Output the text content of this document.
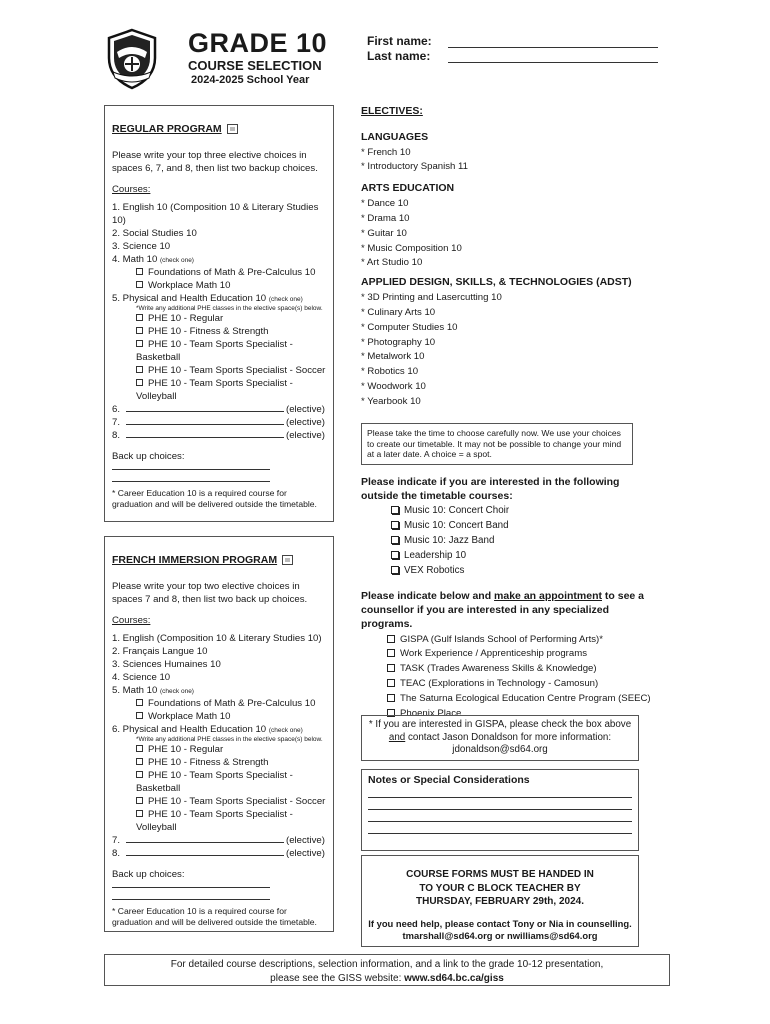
GRADE 10
COURSE SELECTION
2024-2025 School Year
First name:
Last name:
REGULAR PROGRAM
Please write your top three elective choices in spaces 6, 7, and 8, then list two backup choices.
Courses:
1. English 10 (Composition 10 & Literary Studies 10)
2. Social Studies 10
3. Science 10
4. Math 10 (check one)
Foundations of Math & Pre-Calculus 10
Workplace Math 10
5. Physical and Health Education 10 (check one)
*Write any additional PHE classes in the elective space(s) below.
PHE 10 - Regular
PHE 10 - Fitness & Strength
PHE 10 - Team Sports Specialist - Basketball
PHE 10 - Team Sports Specialist - Soccer
PHE 10 - Team Sports Specialist - Volleyball
6.	(elective)
7.	(elective)
8.	(elective)
Back up choices:
* Career Education 10 is a required course for graduation and will be delivered outside the timetable.
FRENCH IMMERSION PROGRAM
Please write your top two elective choices in spaces 7 and 8, then list two back up choices.
Courses:
1. English (Composition 10 & Literary Studies 10)
2. Français Langue 10
3. Sciences Humaines 10
4. Science 10
5. Math 10 (check one)
Foundations of Math & Pre-Calculus 10
Workplace Math 10
6. Physical and Health Education 10 (check one)
*Write any additional PHE classes in the elective space(s) below.
PHE 10 - Regular
PHE 10 - Fitness & Strength
PHE 10 - Team Sports Specialist - Basketball
PHE 10 - Team Sports Specialist - Soccer
PHE 10 - Team Sports Specialist - Volleyball
7.	(elective)
8.	(elective)
Back up choices:
* Career Education 10 is a required course for graduation and will be delivered outside the timetable.
ELECTIVES:
LANGUAGES
* French 10
* Introductory Spanish 11
ARTS EDUCATION
* Dance 10
* Drama 10
* Guitar 10
* Music Composition 10
* Art Studio 10
APPLIED DESIGN, SKILLS, & TECHNOLOGIES (ADST)
* 3D Printing and Lasercutting 10
* Culinary Arts 10
* Computer Studies 10
* Photography 10
* Metalwork 10
* Robotics 10
* Woodwork 10
* Yearbook 10
Please take the time to choose carefully now. We use your choices to create our timetable. It may not be possible to change your mind at a later date. A choice = a spot.
Please indicate if you are interested in the following outside the timetable courses:
Music 10: Concert Choir
Music 10: Concert Band
Music 10: Jazz Band
Leadership 10
VEX Robotics
Please indicate below and make an appointment to see a counsellor if you are interested in any specialized programs.
GISPA (Gulf Islands School of Performing Arts)*
Work Experience / Apprenticeship programs
TASK (Trades Awareness Skills & Knowledge)
TEAC (Explorations in Technology - Camosun)
The Saturna Ecological Education Centre Program (SEEC)
Phoenix Place
* If you are interested in GISPA, please check the box above
and contact Jason Donaldson for more information:
jdonaldson@sd64.org
Notes or Special Considerations
COURSE FORMS MUST BE HANDED IN
TO YOUR C BLOCK TEACHER BY
THURSDAY, FEBRUARY 29th, 2024.
If you need help, please contact Tony or Nia in counselling.
tmarshall@sd64.org or nwilliams@sd64.org
For detailed course descriptions, selection information, and a link to the grade 10-12 presentation,
please see the GISS website: www.sd64.bc.ca/giss
